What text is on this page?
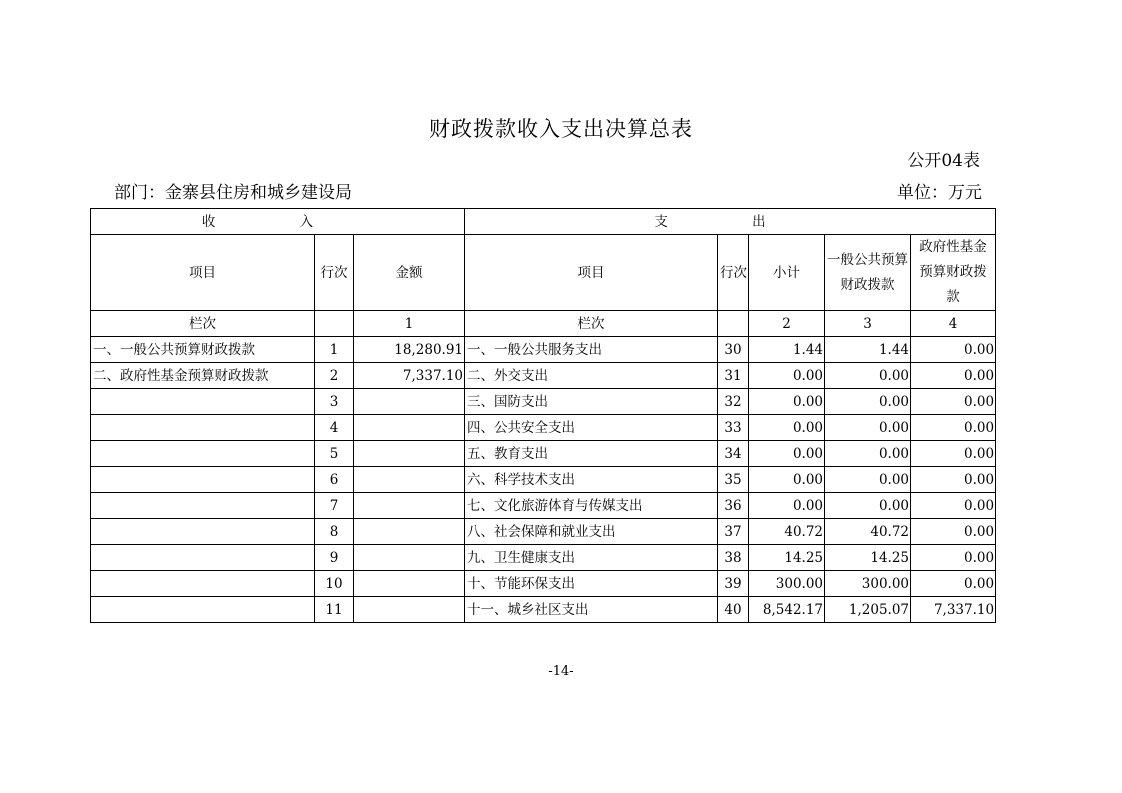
财政拨款收入支出决算总表
公开04表
部门：金寨县住房和城乡建设局	单位：万元
收 入			支 出				
项目	行次	金额	项目	行次	小计	一般公共预算财政拨款	政府性基金预算财政拨款
栏次		1	栏次		2	3	4
一、一般公共预算财政拨款	1	18,280.91	一、一般公共服务支出	30	1.44	1.44	0.00
二、政府性基金预算财政拨款	2	7,337.10	二、外交支出	31	0.00	0.00	0.00
	3		三、国防支出	32	0.00	0.00	0.00
	4		四、公共安全支出	33	0.00	0.00	0.00
	5		五、教育支出	34	0.00	0.00	0.00
	6		六、科学技术支出	35	0.00	0.00	0.00
	7		七、文化旅游体育与传媒支出	36	0.00	0.00	0.00
	8		八、社会保障和就业支出	37	40.72	40.72	0.00
	9		九、卫生健康支出	38	14.25	14.25	0.00
	10		十、节能环保支出	39	300.00	300.00	0.00
	11		十一、城乡社区支出	40	8,542.17	1,205.07	7,337.10
-14-
